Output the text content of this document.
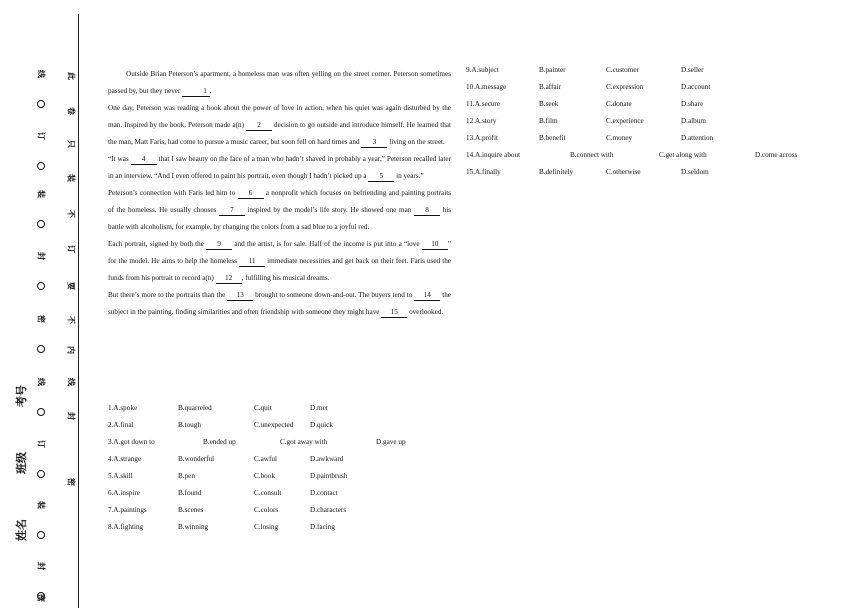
线
订
装
封
密
线
订
装
封
密
此
卷
只
装
不
订
要
不
内
线
封
密
考号
班级
姓名

Outside Brian Peterson’s apartment, a homeless man was often yelling on the street corner. Peterson sometimes passed by, but they never	1 .

One day, Peterson was reading a book about the power of love in action, when his quiet was again disturbed by the man. Inspired by the book, Peterson made a(n) 2 decision to go outside and introduce himself. He learned that the man, Matt Faris, had come to pursue a music career, but soon fell on hard times and 3 living on the street.

“It was 4 that I saw beauty on the face of a man who hadn’t shaved in probably a year,” Peterson recalled later in an interview. “And I even offered to paint his portrait, even though I hadn’t picked up a 5 in years.”

Peterson’s connection with Faris led him to 6 a nonprofit which focuses on befriending and painting portraits of the homeless. He usually chooses 7 inspired by the model’s life story. He showed one man 8 his battle with alcoholism, for example, by changing the colors from a sad blue to a joyful red.

Each portrait, signed by both the 9 and the artist, is for sale. Half of the income is put into a “love 10 ” for the model. He aims to help the homeless 11 immediate necessities and get back on their feet. Faris used the funds from his portrait to record a(n) 12 , fulfilling his musical dreams.

But there’s more to the portraits than the 13 brought to someone down-and-out. The buyers tend to 14 the subject in the painting, finding similarities and often friendship with someone they might have 15 overlooked.

1.A.spoke	B.quarreled	C.quit	D.met
2.A.final	B.tough	C.unexpected D.quick
3.A.got down to	B.ended up	C.got away with	D.gave up
4.A.strange	B.wonderful	C.awful	D.awkward
5.A.skill	B.pen	C.book	D.paintbrush
6.A.inspire	B.found	C.consult	D.contact
7.A.paintings	B.scenes	C.colors	D.characters
8.A.fighting	B.winning	C.losing	D.facing
9.A.subject	B.painter	C.customer	D.seller
10.A.message	B.affair	C.expression	D.account
11.A.secure	B.seek	C.donate	D.share
12.A.story	B.film	C.experience	D.album
13.A.profit	B.benefit	C.money	D.attention
14.A.inquire about	B.connect with	C.get along with	D.come across
15.A.finally	B.definitely	C.otherwise	D.seldom
